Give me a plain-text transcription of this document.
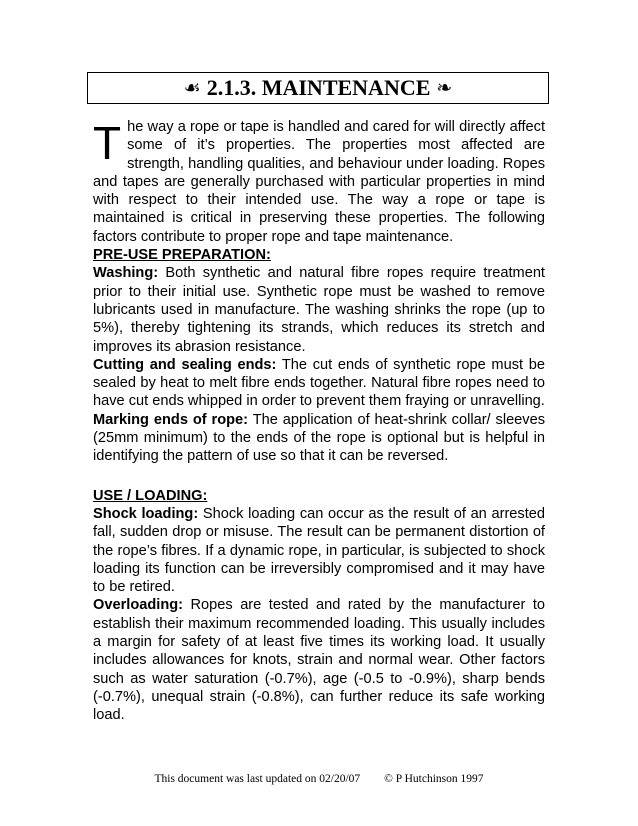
☙ 2.1.3. MAINTENANCE ❧

The way a rope or tape is handled and cared for will directly affect some of it’s properties. The properties most affected are strength, handling qualities, and behaviour under loading. Ropes and tapes are generally purchased with particular properties in mind with respect to their intended use. The way a rope or tape is maintained is critical in preserving these properties. The following factors contribute to proper rope and tape maintenance.

PRE-USE PREPARATION:

Washing: Both synthetic and natural fibre ropes require treatment prior to their initial use. Synthetic rope must be washed to remove lubricants used in manufacture. The washing shrinks the rope (up to 5%), thereby tightening its strands, which reduces its stretch and improves its abrasion resistance.

Cutting and sealing ends: The cut ends of synthetic rope must be sealed by heat to melt fibre ends together. Natural fibre ropes need to have cut ends whipped in order to prevent them fraying or unravelling.

Marking ends of rope: The application of heat-shrink collar/ sleeves (25mm minimum) to the ends of the rope is optional but is helpful in identifying the pattern of use so that it can be reversed.

USE / LOADING:

Shock loading: Shock loading can occur as the result of an arrested fall, sudden drop or misuse. The result can be permanent distortion of the rope’s fibres. If a dynamic rope, in particular, is subjected to shock loading its function can be irreversibly compromised and it may have to be retired.

Overloading: Ropes are tested and rated by the manufacturer to establish their maximum recommended loading. This usually includes a margin for safety of at least five times its working load. It usually includes allowances for knots, strain and normal wear. Other factors such as water saturation (-0.7%), age (-0.5 to -0.9%), sharp bends (-0.7%), unequal strain (-0.8%), can further reduce its safe working load.

This document was last updated on 02/20/07 © P Hutchinson 1997
